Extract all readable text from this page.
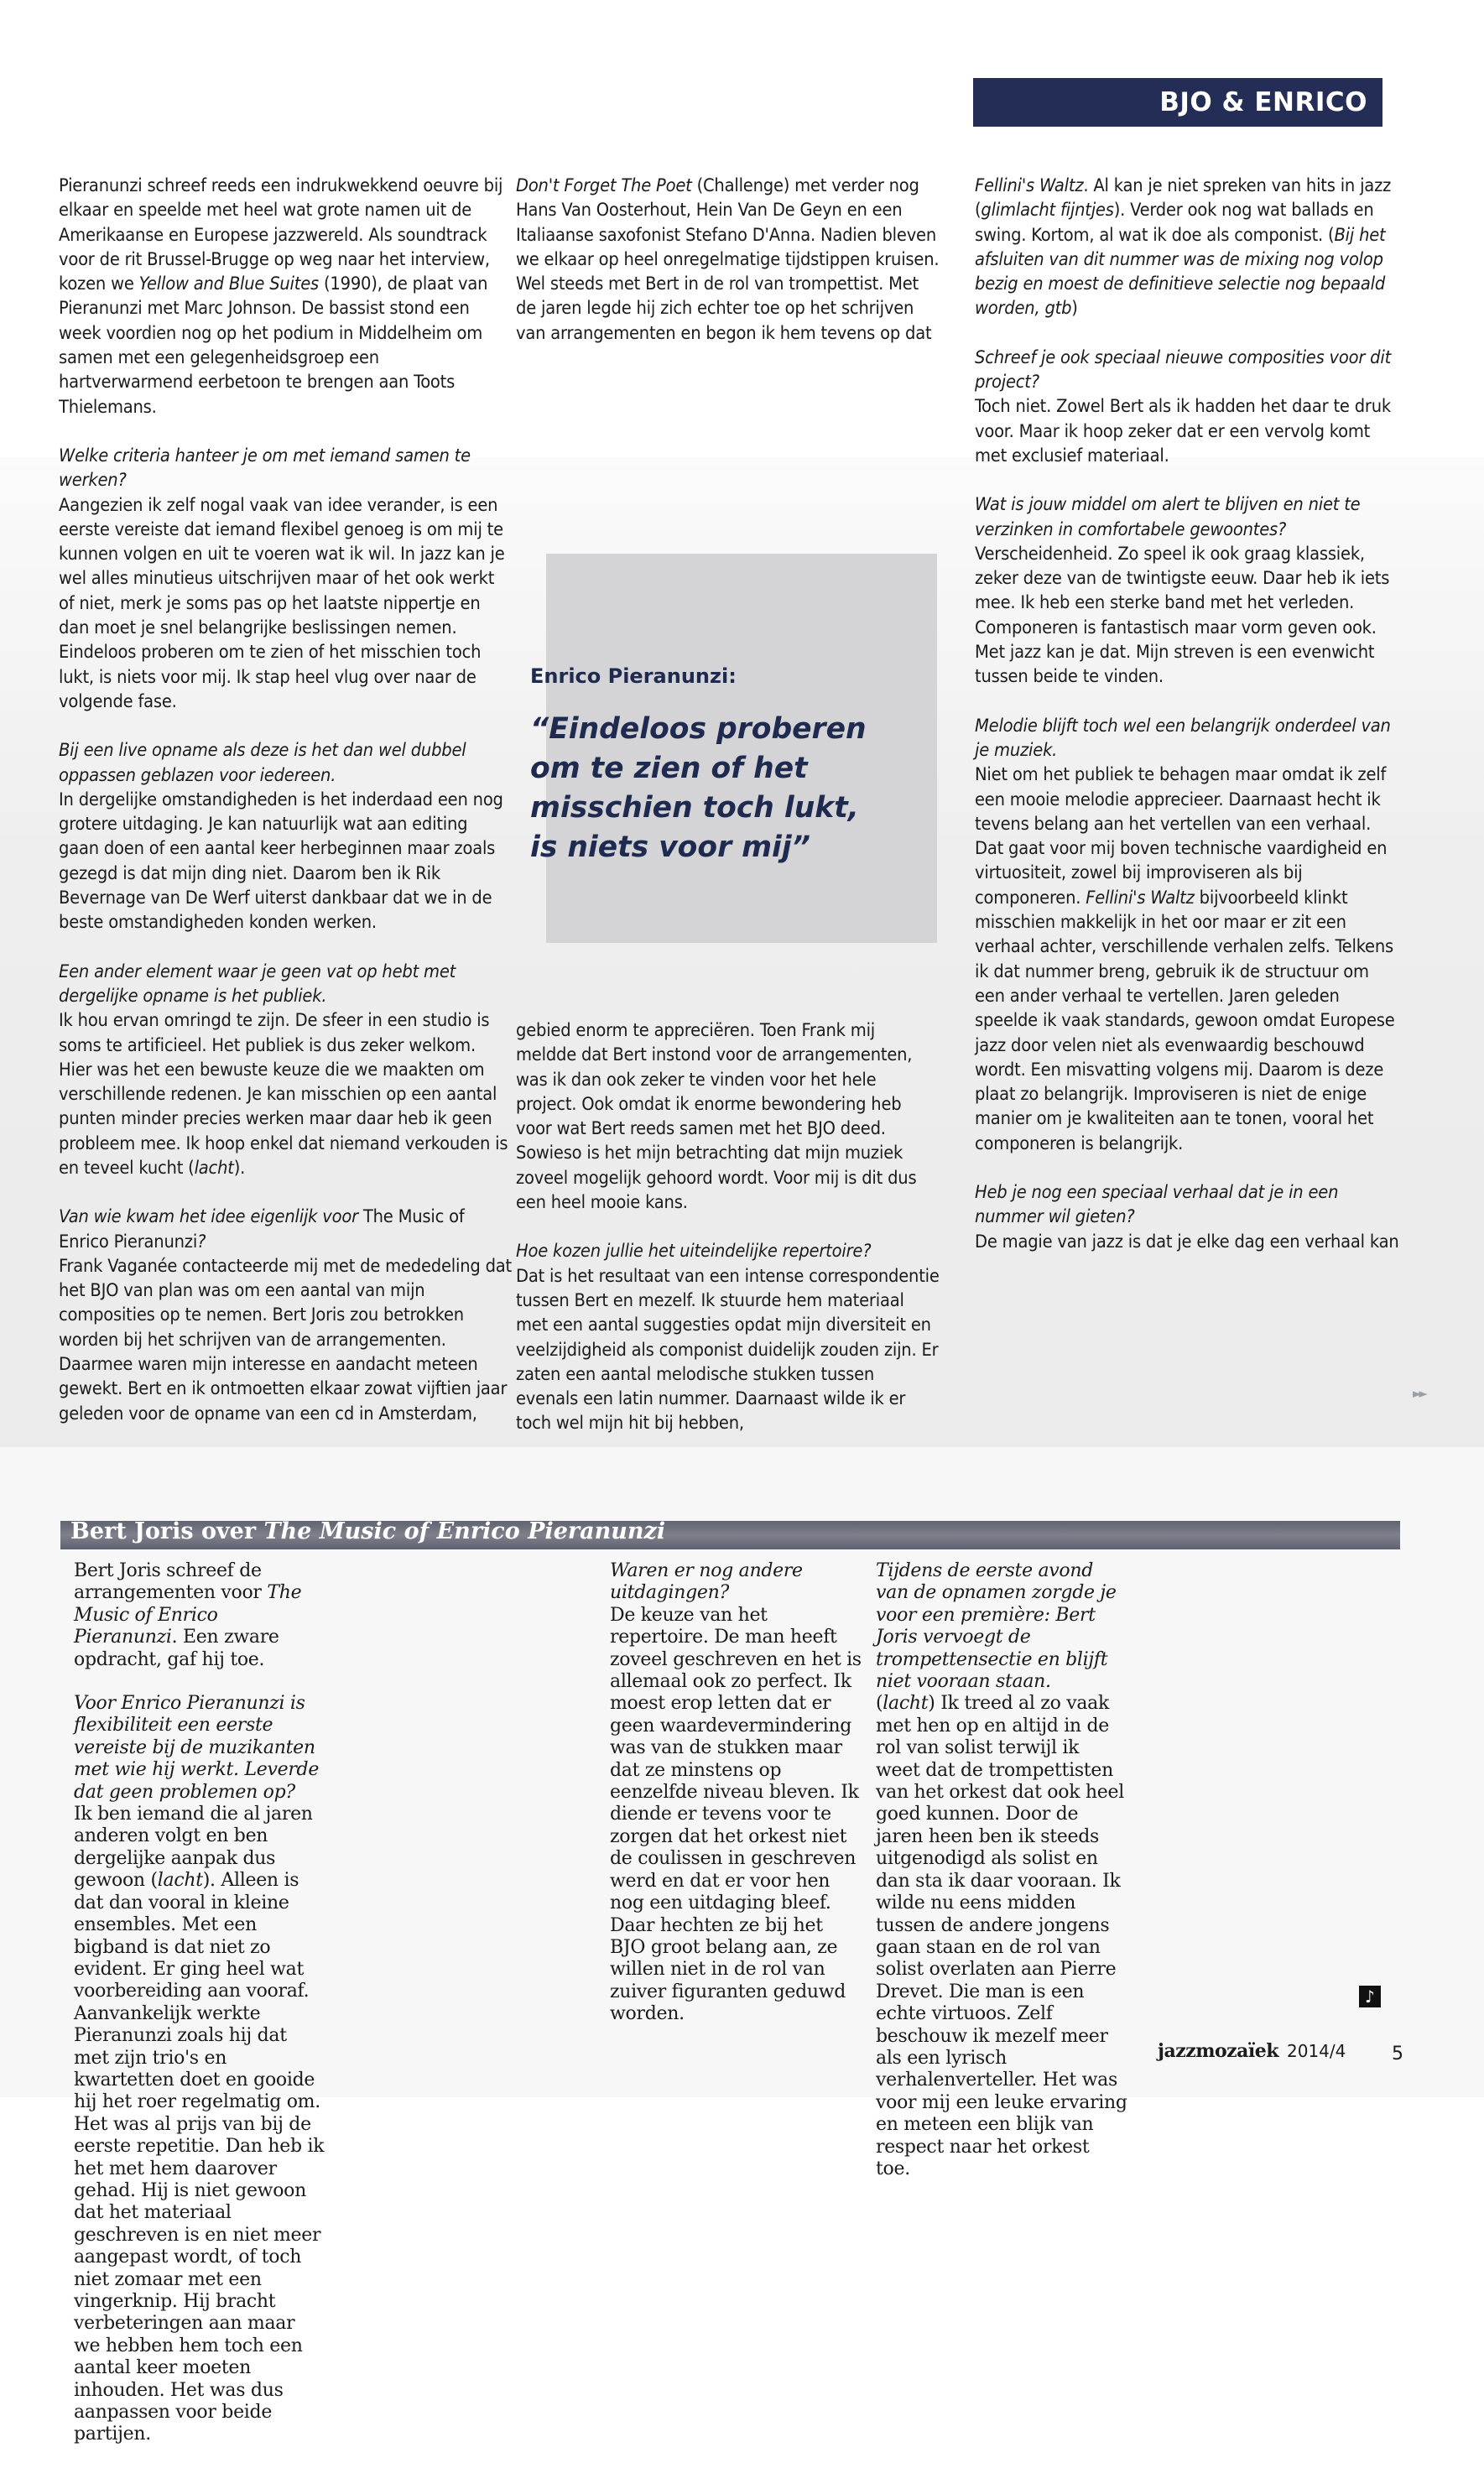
BJO & ENRICO PIERANUNZI

Pieranunzi schreef reeds een indrukwekkend oeuvre bij elkaar en speelde met heel wat grote namen uit de Amerikaanse en Europese jazzwereld. Als soundtrack voor de rit Brussel-Brugge op weg naar het interview, kozen we Yellow and Blue Suites (1990), de plaat van Pieranunzi met Marc Johnson. De bassist stond een week voordien nog op het podium in Middelheim om samen met een gelegenheidsgroep een hartverwarmend eerbetoon te brengen aan Toots Thielemans.

Welke criteria hanteer je om met iemand samen te werken?
Aangezien ik zelf nogal vaak van idee verander, is een eerste vereiste dat iemand flexibel genoeg is om mij te kunnen volgen en uit te voeren wat ik wil. In jazz kan je wel alles minutieus uitschrijven maar of het ook werkt of niet, merk je soms pas op het laatste nippertje en dan moet je snel belangrijke beslissingen nemen. Eindeloos proberen om te zien of het misschien toch lukt, is niets voor mij. Ik stap heel vlug over naar de volgende fase.

Bij een live opname als deze is het dan wel dubbel oppassen geblazen voor iedereen.
In dergelijke omstandigheden is het inderdaad een nog grotere uitdaging. Je kan natuurlijk wat aan editing gaan doen of een aantal keer herbeginnen maar zoals gezegd is dat mijn ding niet. Daarom ben ik Rik Bevernage van De Werf uiterst dankbaar dat we in de beste omstandigheden konden werken.

Een ander element waar je geen vat op hebt met dergelijke opname is het publiek.
Ik hou ervan omringd te zijn. De sfeer in een studio is soms te artificieel. Het publiek is dus zeker welkom. Hier was het een bewuste keuze die we maakten om verschillende redenen. Je kan misschien op een aantal punten minder precies werken maar daar heb ik geen probleem mee. Ik hoop enkel dat niemand verkouden is en teveel kucht (lacht).

Van wie kwam het idee eigenlijk voor The Music of Enrico Pieranunzi?
Frank Vaganée contacteerde mij met de mededeling dat het BJO van plan was om een aantal van mijn composities op te nemen. Bert Joris zou betrokken worden bij het schrijven van de arrangementen. Daarmee waren mijn interesse en aandacht meteen gewekt. Bert en ik ontmoetten elkaar zowat vijftien jaar geleden voor de opname van een cd in Amsterdam,

Don't Forget The Poet (Challenge) met verder nog Hans Van Oosterhout, Hein Van De Geyn en een Italiaanse saxofonist Stefano D'Anna. Nadien bleven we elkaar op heel onregelmatige tijdstippen kruisen. Wel steeds met Bert in de rol van trompettist. Met de jaren legde hij zich echter toe op het schrijven van arrangementen en begon ik hem tevens op dat

Enrico Pieranunzi:
“Eindeloos proberen om te zien of het misschien toch lukt, is niets voor mij”

gebied enorm te appreciëren. Toen Frank mij meldde dat Bert instond voor de arrangementen, was ik dan ook zeker te vinden voor het hele project. Ook omdat ik enorme bewondering heb voor wat Bert reeds samen met het BJO deed. Sowieso is het mijn betrachting dat mijn muziek zoveel mogelijk gehoord wordt. Voor mij is dit dus een heel mooie kans.

Hoe kozen jullie het uiteindelijke repertoire?
Dat is het resultaat van een intense correspondentie tussen Bert en mezelf. Ik stuurde hem materiaal met een aantal suggesties opdat mijn diversiteit en veelzijdigheid als componist duidelijk zouden zijn. Er zaten een aantal melodische stukken tussen evenals een latin nummer. Daarnaast wilde ik er toch wel mijn hit bij hebben,

Fellini's Waltz. Al kan je niet spreken van hits in jazz (glimlacht fijntjes). Verder ook nog wat ballads en swing. Kortom, al wat ik doe als componist. (Bij het afsluiten van dit nummer was de mixing nog volop bezig en moest de definitieve selectie nog bepaald worden, gtb)

Schreef je ook speciaal nieuwe composities voor dit project?
Toch niet. Zowel Bert als ik hadden het daar te druk voor. Maar ik hoop zeker dat er een vervolg komt met exclusief materiaal.

Wat is jouw middel om alert te blijven en niet te verzinken in comfortabele gewoontes?
Verscheidenheid. Zo speel ik ook graag klassiek, zeker deze van de twintigste eeuw. Daar heb ik iets mee. Ik heb een sterke band met het verleden. Componeren is fantastisch maar vorm geven ook. Met jazz kan je dat. Mijn streven is een evenwicht tussen beide te vinden.

Melodie blijft toch wel een belangrijk onderdeel van je muziek.
Niet om het publiek te behagen maar omdat ik zelf een mooie melodie apprecieer. Daarnaast hecht ik tevens belang aan het vertellen van een verhaal. Dat gaat voor mij boven technische vaardigheid en virtuositeit, zowel bij improviseren als bij componeren. Fellini's Waltz bijvoorbeeld klinkt misschien makkelijk in het oor maar er zit een verhaal achter, verschillende verhalen zelfs. Telkens ik dat nummer breng, gebruik ik de structuur om een ander verhaal te vertellen. Jaren geleden speelde ik vaak standards, gewoon omdat Europese jazz door velen niet als evenwaardig beschouwd wordt. Een misvatting volgens mij. Daarom is deze plaat zo belangrijk. Improviseren is niet de enige manier om je kwaliteiten aan te tonen, vooral het componeren is belangrijk.

Heb je nog een speciaal verhaal dat je in een nummer wil gieten?
De magie van jazz is dat je elke dag een verhaal kan

►►
Bert Joris over The Music of Enrico Pieranunzi

Bert Joris schreef de arrangementen voor The Music of Enrico Pieranunzi. Een zware opdracht, gaf hij toe.

Voor Enrico Pieranunzi is flexibiliteit een eerste vereiste bij de muzikanten met wie hij werkt. Leverde dat geen problemen op?
Ik ben iemand die al jaren anderen volgt en ben dergelijke aanpak dus gewoon (lacht). Alleen is dat dan vooral in kleine ensembles. Met een bigband is dat niet zo evident. Er ging heel wat voorbereiding aan vooraf. Aanvankelijk werkte Pieranunzi zoals hij dat met zijn trio's en kwartetten doet en gooide hij het roer regelmatig om. Het was al prijs van bij de eerste repetitie. Dan heb ik het met hem daarover gehad. Hij is niet gewoon dat het materiaal geschreven is en niet meer aangepast wordt, of toch niet zomaar met een vingerknip. Hij bracht verbeteringen aan maar we hebben hem toch een aantal keer moeten inhouden. Het was dus aanpassen voor beide partijen.

Waren er nog andere uitdagingen?
De keuze van het repertoire. De man heeft zoveel geschreven en het is allemaal ook zo perfect. Ik moest erop letten dat er geen waardevermindering was van de stukken maar dat ze minstens op eenzelfde niveau bleven. Ik diende er tevens voor te zorgen dat het orkest niet de coulissen in geschreven werd en dat er voor hen nog een uitdaging bleef. Daar hechten ze bij het BJO groot belang aan, ze willen niet in de rol van zuiver figuranten geduwd worden.

Tijdens de eerste avond van de opnamen zorgde je voor een première: Bert Joris vervoegt de trompettensectie en blijft niet vooraan staan.
(lacht) Ik treed al zo vaak met hen op en altijd in de rol van solist terwijl ik weet dat de trompettisten van het orkest dat ook heel goed kunnen. Door de jaren heen ben ik steeds uitgenodigd als solist en dan sta ik daar vooraan. Ik wilde nu eens midden tussen de andere jongens gaan staan en de rol van solist overlaten aan Pierre Drevet. Die man is een echte virtuoos. Zelf beschouw ik mezelf meer als een lyrisch verhalenverteller. Het was voor mij een leuke ervaring en meteen een blijk van respect naar het orkest toe.

♪
jazzmozaïek 2014/4 5
